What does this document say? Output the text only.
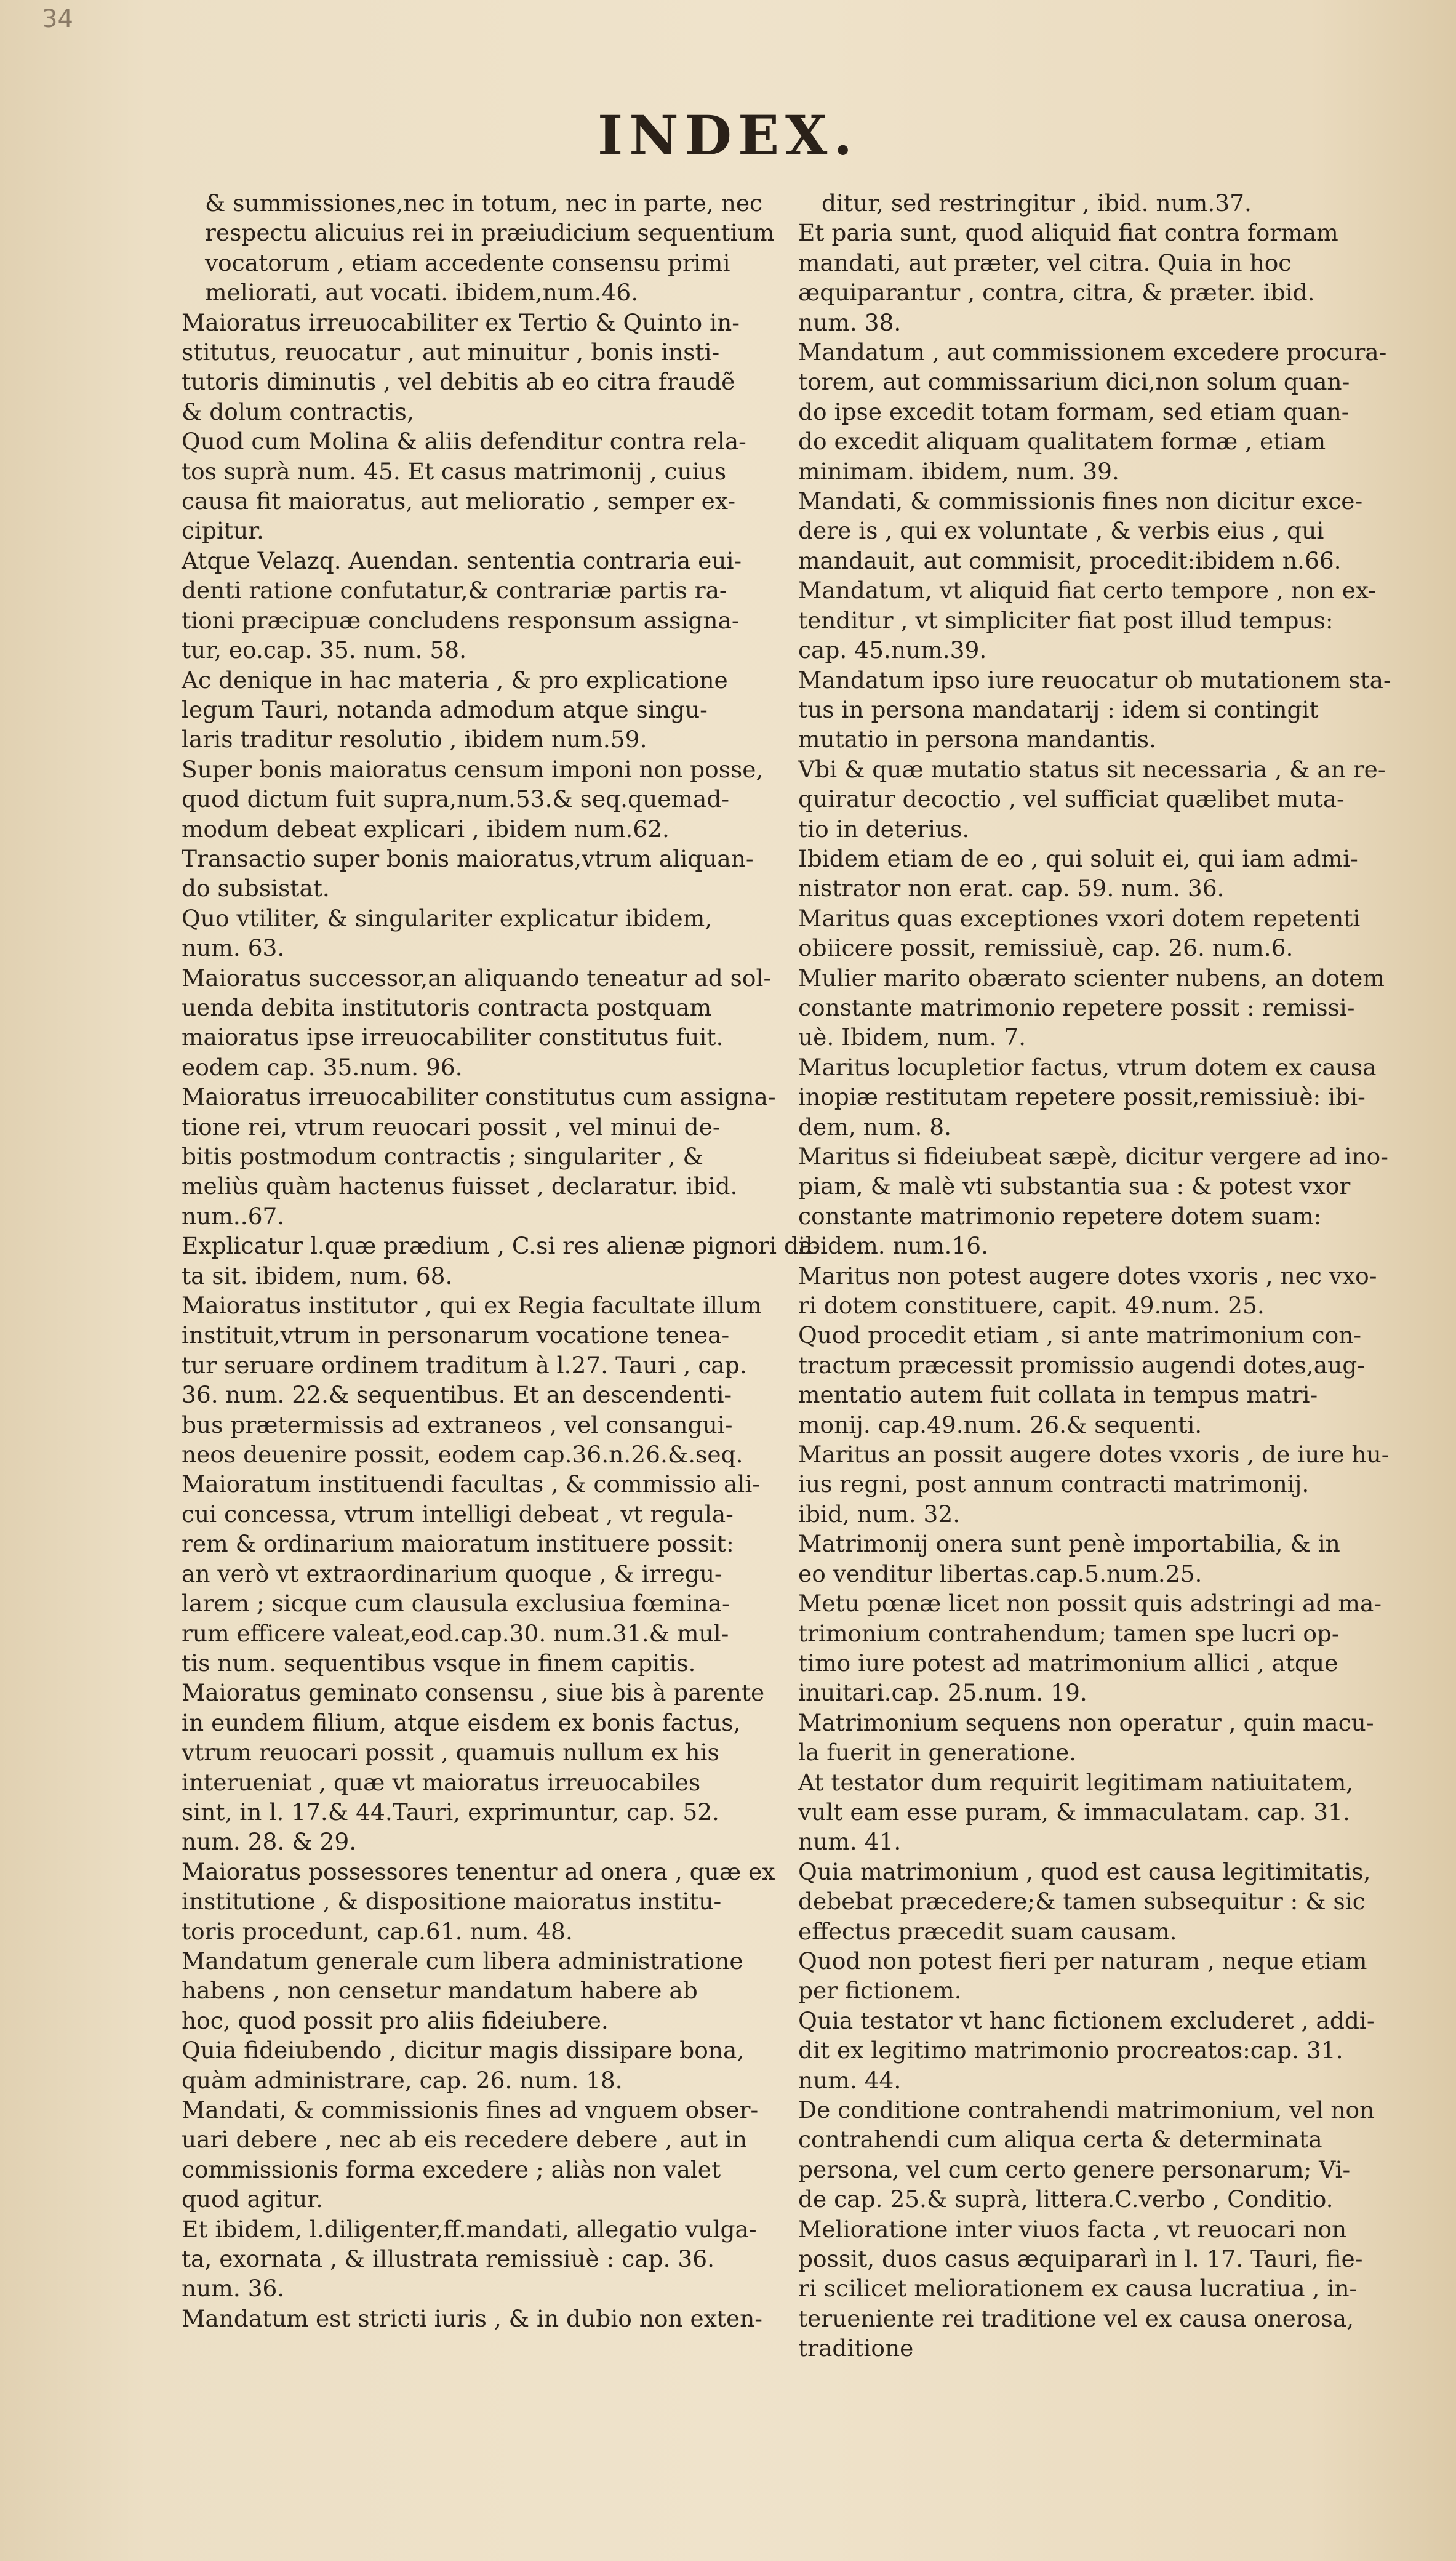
34
INDEX.
& summissiones,nec in totum, nec in parte, nec
respectu alicuius rei in præiudicium sequentium
vocatorum , etiam accedente consensu primi
meliorati, aut vocati. ibidem,num.46.
Maioratus irreuocabiliter ex Tertio & Quinto in-
stitutus, reuocatur , aut minuitur , bonis insti-
tutoris diminutis , vel debitis ab eo citra fraudẽ
& dolum contractis,
Quod cum Molina & aliis defenditur contra rela-
tos suprà num. 45. Et casus matrimonij , cuius
causa fit maioratus, aut melioratio , semper ex-
cipitur.
Atque Velazq. Auendan. sententia contraria eui-
denti ratione confutatur,& contrariæ partis ra-
tioni præcipuæ concludens responsum assigna-
tur, eo.cap. 35. num. 58.
Ac denique in hac materia , & pro explicatione
legum Tauri, notanda admodum atque singu-
laris traditur resolutio , ibidem num.59.
Super bonis maioratus censum imponi non posse,
quod dictum fuit supra,num.53.& seq.quemad-
modum debeat explicari , ibidem num.62.
Transactio super bonis maioratus,vtrum aliquan-
do subsistat.
Quo vtiliter, & singulariter explicatur ibidem,
num. 63.
Maioratus successor,an aliquando teneatur ad sol-
uenda debita institutoris contracta postquam
maioratus ipse irreuocabiliter constitutus fuit.
eodem cap. 35.num. 96.
Maioratus irreuocabiliter constitutus cum assigna-
tione rei, vtrum reuocari possit , vel minui de-
bitis postmodum contractis ; singulariter , &
meliùs quàm hactenus fuisset , declaratur. ibid.
num..67.
Explicatur l.quæ prædium , C.si res alienæ pignori da-
ta sit. ibidem, num. 68.
Maioratus institutor , qui ex Regia facultate illum
instituit,vtrum in personarum vocatione tenea-
tur seruare ordinem traditum à l.27. Tauri , cap.
36. num. 22.& sequentibus. Et an descendenti-
bus prætermissis ad extraneos , vel consangui-
neos deuenire possit, eodem cap.36.n.26.&.seq.
Maioratum instituendi facultas , & commissio ali-
cui concessa, vtrum intelligi debeat , vt regula-
rem & ordinarium maioratum instituere possit:
an verò vt extraordinarium quoque , & irregu-
larem ; sicque cum clausula exclusiua fœmina-
rum efficere valeat,eod.cap.30. num.31.& mul-
tis num. sequentibus vsque in finem capitis.
Maioratus geminato consensu , siue bis à parente
in eundem filium, atque eisdem ex bonis factus,
vtrum reuocari possit , quamuis nullum ex his
interueniat , quæ vt maioratus irreuocabiles
sint, in l. 17.& 44.Tauri, exprimuntur, cap. 52.
num. 28. & 29.
Maioratus possessores tenentur ad onera , quæ ex
institutione , & dispositione maioratus institu-
toris procedunt, cap.61. num. 48.
Mandatum generale cum libera administratione
habens , non censetur mandatum habere ab
hoc, quod possit pro aliis fideiubere.
Quia fideiubendo , dicitur magis dissipare bona,
quàm administrare, cap. 26. num. 18.
Mandati, & commissionis fines ad vnguem obser-
uari debere , nec ab eis recedere debere , aut in
commissionis forma excedere ; aliàs non valet
quod agitur.
Et ibidem, l.diligenter,ff.mandati, allegatio vulga-
ta, exornata , & illustrata remissiuè : cap. 36.
num. 36.
Mandatum est stricti iuris , & in dubio non exten-
ditur, sed restringitur , ibid. num.37.
Et paria sunt, quod aliquid fiat contra formam
mandati, aut præter, vel citra. Quia in hoc
æquiparantur , contra, citra, & præter. ibid.
num. 38.
Mandatum , aut commissionem excedere procura-
torem, aut commissarium dici,non solum quan-
do ipse excedit totam formam, sed etiam quan-
do excedit aliquam qualitatem formæ , etiam
minimam. ibidem, num. 39.
Mandati, & commissionis fines non dicitur exce-
dere is , qui ex voluntate , & verbis eius , qui
mandauit, aut commisit, procedit:ibidem n.66.
Mandatum, vt aliquid fiat certo tempore , non ex-
tenditur , vt simpliciter fiat post illud tempus:
cap. 45.num.39.
Mandatum ipso iure reuocatur ob mutationem sta-
tus in persona mandatarij : idem si contingit
mutatio in persona mandantis.
Vbi & quæ mutatio status sit necessaria , & an re-
quiratur decoctio , vel sufficiat quælibet muta-
tio in deterius.
Ibidem etiam de eo , qui soluit ei, qui iam admi-
nistrator non erat. cap. 59. num. 36.
Maritus quas exceptiones vxori dotem repetenti
obiicere possit, remissiuè, cap. 26. num.6.
Mulier marito obærato scienter nubens, an dotem
constante matrimonio repetere possit : remissi-
uè. Ibidem, num. 7.
Maritus locupletior factus, vtrum dotem ex causa
inopiæ restitutam repetere possit,remissiuè: ibi-
dem, num. 8.
Maritus si fideiubeat sæpè, dicitur vergere ad ino-
piam, & malè vti substantia sua : & potest vxor
constante matrimonio repetere dotem suam:
ibidem. num.16.
Maritus non potest augere dotes vxoris , nec vxo-
ri dotem constituere, capit. 49.num. 25.
Quod procedit etiam , si ante matrimonium con-
tractum præcessit promissio augendi dotes,aug-
mentatio autem fuit collata in tempus matri-
monij. cap.49.num. 26.& sequenti.
Maritus an possit augere dotes vxoris , de iure hu-
ius regni, post annum contracti matrimonij.
ibid, num. 32.
Matrimonij onera sunt penè importabilia, & in
eo venditur libertas.cap.5.num.25.
Metu pœnæ licet non possit quis adstringi ad ma-
trimonium contrahendum; tamen spe lucri op-
timo iure potest ad matrimonium allici , atque
inuitari.cap. 25.num. 19.
Matrimonium sequens non operatur , quin macu-
la fuerit in generatione.
At testator dum requirit legitimam natiuitatem,
vult eam esse puram, & immaculatam. cap. 31.
num. 41.
Quia matrimonium , quod est causa legitimitatis,
debebat præcedere;& tamen subsequitur : & sic
effectus præcedit suam causam.
Quod non potest fieri per naturam , neque etiam
per fictionem.
Quia testator vt hanc fictionem excluderet , addi-
dit ex legitimo matrimonio procreatos:cap. 31.
num. 44.
De conditione contrahendi matrimonium, vel non
contrahendi cum aliqua certa & determinata
persona, vel cum certo genere personarum; Vi-
de cap. 25.& suprà, littera.C.verbo , Conditio.
Melioratione inter viuos facta , vt reuocari non
possit, duos casus æquipararì in l. 17. Tauri, fie-
ri scilicet meliorationem ex causa lucratiua , in-
terueniente rei traditione vel ex causa onerosa,
traditione
